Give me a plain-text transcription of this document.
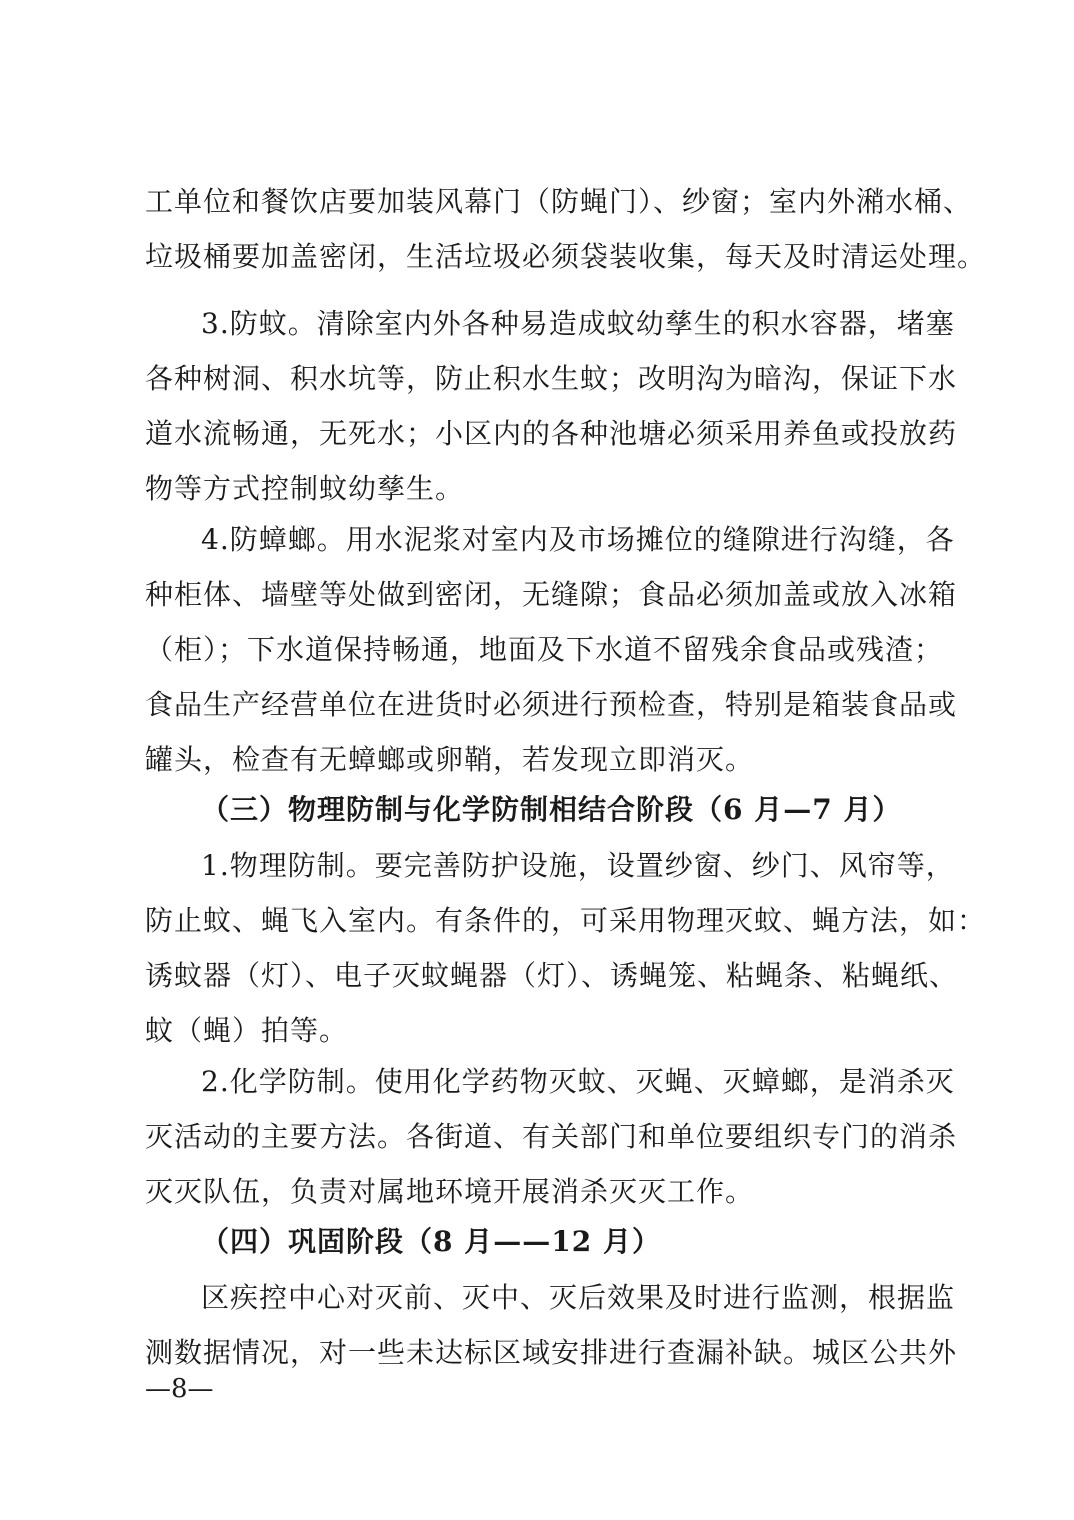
工单位和餐饮店要加装风幕门（防蝇门）、纱窗；室内外潲水桶、
垃圾桶要加盖密闭，生活垃圾必须袋装收集，每天及时清运处理。
3.防蚊。清除室内外各种易造成蚊幼孳生的积水容器，堵塞
各种树洞、积水坑等，防止积水生蚊；改明沟为暗沟，保证下水
道水流畅通，无死水；小区内的各种池塘必须采用养鱼或投放药
物等方式控制蚊幼孳生。
4.防蟑螂。用水泥浆对室内及市场摊位的缝隙进行沟缝，各
种柜体、墙壁等处做到密闭，无缝隙；食品必须加盖或放入冰箱
（柜）；下水道保持畅通，地面及下水道不留残余食品或残渣；
食品生产经营单位在进货时必须进行预检查，特别是箱装食品或
罐头，检查有无蟑螂或卵鞘，若发现立即消灭。
（三）物理防制与化学防制相结合阶段（6 月—7 月）
1.物理防制。要完善防护设施，设置纱窗、纱门、风帘等，
防止蚊、蝇飞入室内。有条件的，可采用物理灭蚊、蝇方法，如：
诱蚊器（灯）、电子灭蚊蝇器（灯）、诱蝇笼、粘蝇条、粘蝇纸、
蚊（蝇）拍等。
2.化学防制。使用化学药物灭蚊、灭蝇、灭蟑螂，是消杀灭
灭活动的主要方法。各街道、有关部门和单位要组织专门的消杀
灭灭队伍，负责对属地环境开展消杀灭灭工作。
（四）巩固阶段（8 月——12 月）
区疾控中心对灭前、灭中、灭后效果及时进行监测，根据监
测数据情况，对一些未达标区域安排进行查漏补缺。城区公共外
—8—
